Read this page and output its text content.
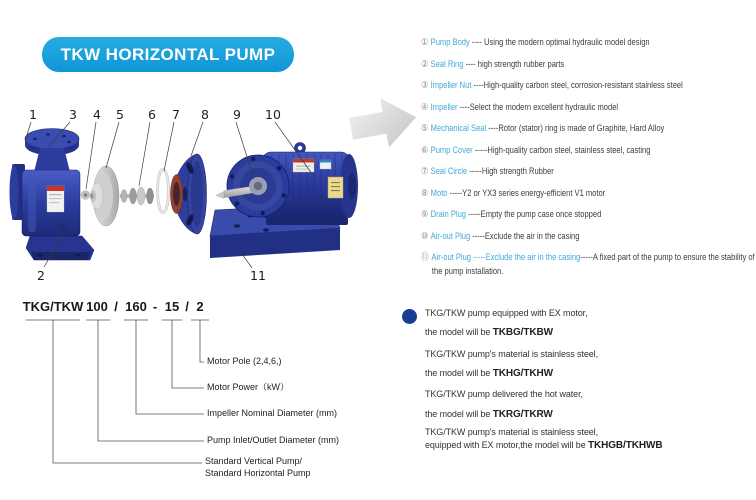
TKW HORIZONTAL PUMP
1	3 4 5 6 7 8 9 10
2	11
① Pump Body ---- Using the modern optimal hydraulic model design
② Seal Ring ---- high strength rubber parts
③ Impeller Nut ----High-quality carbon steel, corrosion-resistant stainless steel
④ Impeller ----Select the modern excellent hydraulic model
⑤ Mechanical Seal ----Rotor (stator) ring is made of Graphite, Hard Alloy
⑥ Pump Cover -----High-quality carbon steel, stainless steel, casting
⑦ Seal Circle -----High strength Rubber
⑧ Moto -----Y2 or YX3 series energy-efficient V1 motor
⑨ Drain Plug -----Empty the pump case once stopped
⑩ Air-out Plug -----Exclude the air in the casing
⑪ Air-out Plug -----Exclude the air in the casing-----A fixed part of the pump to ensure the stability of the pump installation.
TKG/TKW 100 / 160 - 15 / 2
Motor Pole (2,4,6,)
Motor Power（kW）
Impeller Nominal Diameter (mm)
Pump Inlet/Outlet Diameter (mm)
Standard Vertical Pump/
Standard Horizontal Pump
TKG/TKW pump equipped with EX motor,
the model will be TKBG/TKBW
TKG/TKW pump's material is stainless steel,
the model will be TKHG/TKHW
TKG/TKW pump delivered the hot water,
the model will be TKRG/TKRW
TKG/TKW pump's material is stainless steel,
equipped with EX motor,the model will be TKHGB/TKHWB
